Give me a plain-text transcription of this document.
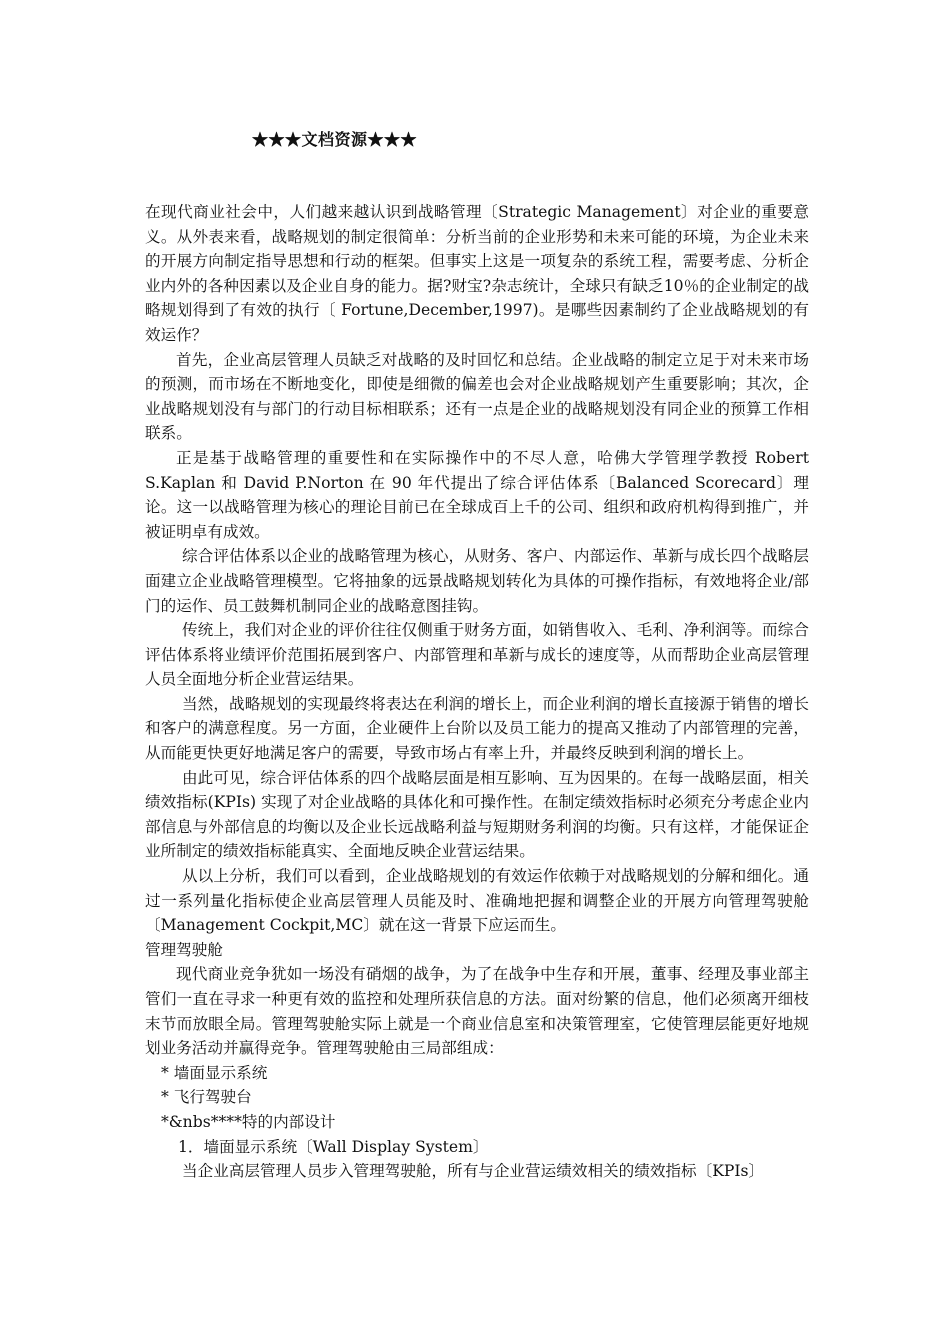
★★★文档资源★★★

在现代商业社会中，人们越来越认识到战略管理〔Strategic Management〕对企业的重要意义。从外表来看，战略规划的制定很简单：分析当前的企业形势和未来可能的环境，为企业未来的开展方向制定指导思想和行动的框架。但事实上这是一项复杂的系统工程，需要考虑、分析企业内外的各种因素以及企业自身的能力。据?财宝?杂志统计，全球只有缺乏10％的企业制定的战略规划得到了有效的执行〔 Fortune,December,1997)。是哪些因素制约了企业战略规划的有效运作？

首先，企业高层管理人员缺乏对战略的及时回忆和总结。企业战略的制定立足于对未来市场的预测，而市场在不断地变化，即使是细微的偏差也会对企业战略规划产生重要影响；其次，企业战略规划没有与部门的行动目标相联系；还有一点是企业的战略规划没有同企业的预算工作相联系。

正是基于战略管理的重要性和在实际操作中的不尽人意，哈佛大学管理学教授 Robert S.Kaplan 和 David P.Norton 在 90 年代提出了综合评估体系〔Balanced Scorecard〕理论。这一以战略管理为核心的理论目前已在全球成百上千的公司、组织和政府机构得到推广，并被证明卓有成效。

综合评估体系以企业的战略管理为核心，从财务、客户、内部运作、革新与成长四个战略层面建立企业战略管理模型。它将抽象的远景战略规划转化为具体的可操作指标，有效地将企业/部门的运作、员工鼓舞机制同企业的战略意图挂钩。

传统上，我们对企业的评价往往仅侧重于财务方面，如销售收入、毛利、净利润等。而综合评估体系将业绩评价范围拓展到客户、内部管理和革新与成长的速度等，从而帮助企业高层管理人员全面地分析企业营运结果。

当然，战略规划的实现最终将表达在利润的增长上，而企业利润的增长直接源于销售的增长和客户的满意程度。另一方面，企业硬件上台阶以及员工能力的提高又推动了内部管理的完善，从而能更快更好地满足客户的需要，导致市场占有率上升，并最终反映到利润的增长上。

由此可见，综合评估体系的四个战略层面是相互影响、互为因果的。在每一战略层面，相关绩效指标(KPIs) 实现了对企业战略的具体化和可操作性。在制定绩效指标时必须充分考虑企业内部信息与外部信息的均衡以及企业长远战略利益与短期财务利润的均衡。只有这样，才能保证企业所制定的绩效指标能真实、全面地反映企业营运结果。

从以上分析，我们可以看到，企业战略规划的有效运作依赖于对战略规划的分解和细化。通过一系列量化指标使企业高层管理人员能及时、准确地把握和调整企业的开展方向管理驾驶舱〔Management Cockpit,MC〕就在这一背景下应运而生。

管理驾驶舱

现代商业竞争犹如一场没有硝烟的战争，为了在战争中生存和开展，董事、经理及事业部主管们一直在寻求一种更有效的监控和处理所获信息的方法。面对纷繁的信息，他们必须离开细枝末节而放眼全局。管理驾驶舱实际上就是一个商业信息室和决策管理室，它使管理层能更好地规划业务活动并赢得竞争。管理驾驶舱由三局部组成：

* 墙面显示系统

* 飞行驾驶台

*&nbs****特的内部设计

1．墙面显示系统〔Wall Display System〕

当企业高层管理人员步入管理驾驶舱，所有与企业营运绩效相关的绩效指标〔KPIs〕
